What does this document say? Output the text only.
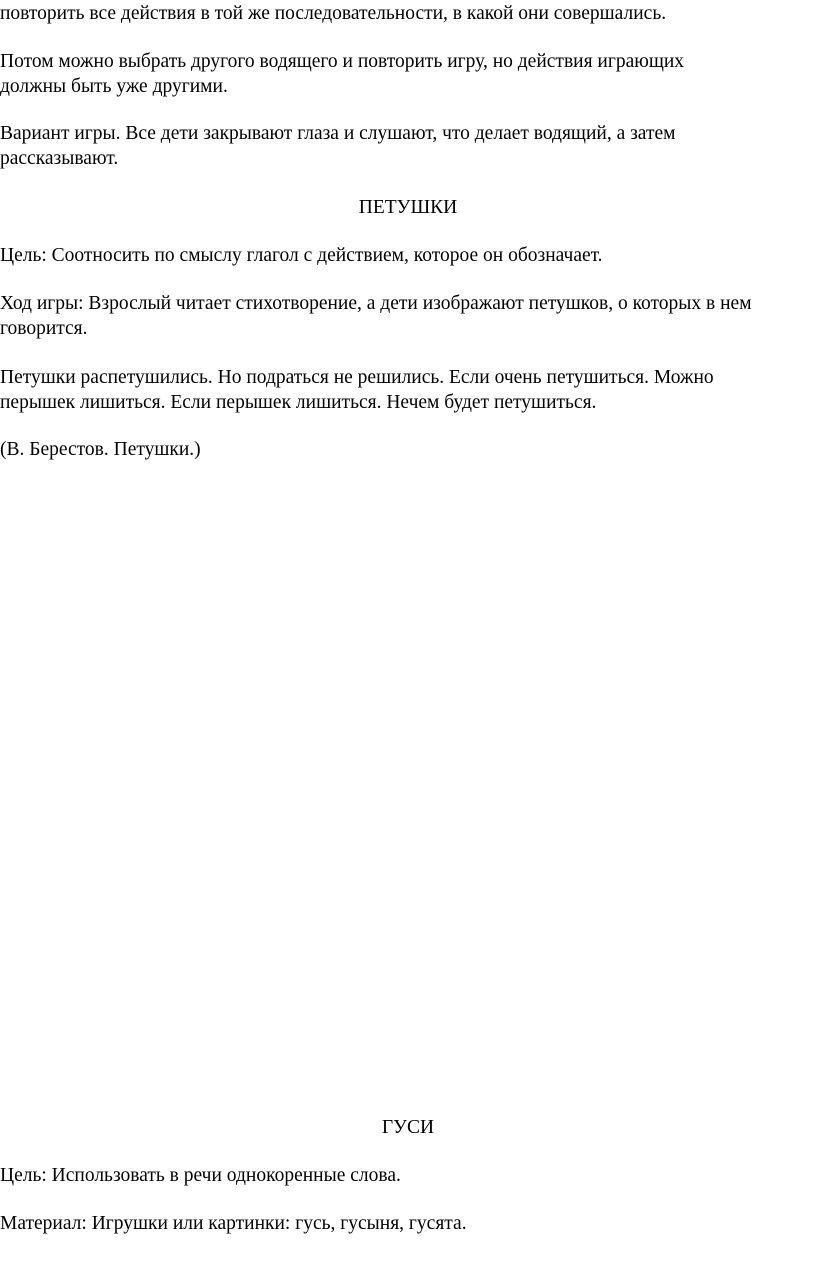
повторить все действия в той же последовательности, в какой они совершались.

Потом можно выбрать другого водящего и повторить игру, но действия играющих
должны быть уже другими.

Вариант игры. Все дети закрывают глаза и слушают, что делает водящий, а затем
рассказывают.

ПЕТУШКИ

Цель: Соотносить по смыслу глагол с действием, которое он обозначает.

Ход игры: Взрослый читает стихотворение, а дети изображают петушков, о которых в нем
говорится.

Петушки распетушились. Но подраться не решились. Если очень петушиться. Можно
перышек лишиться. Если перышек лишиться. Нечем будет петушиться.

(В. Берестов. Петушки.)

ГУСИ

Цель: Использовать в речи однокоренные слова.

Материал: Игрушки или картинки: гусь, гусыня, гусята.
